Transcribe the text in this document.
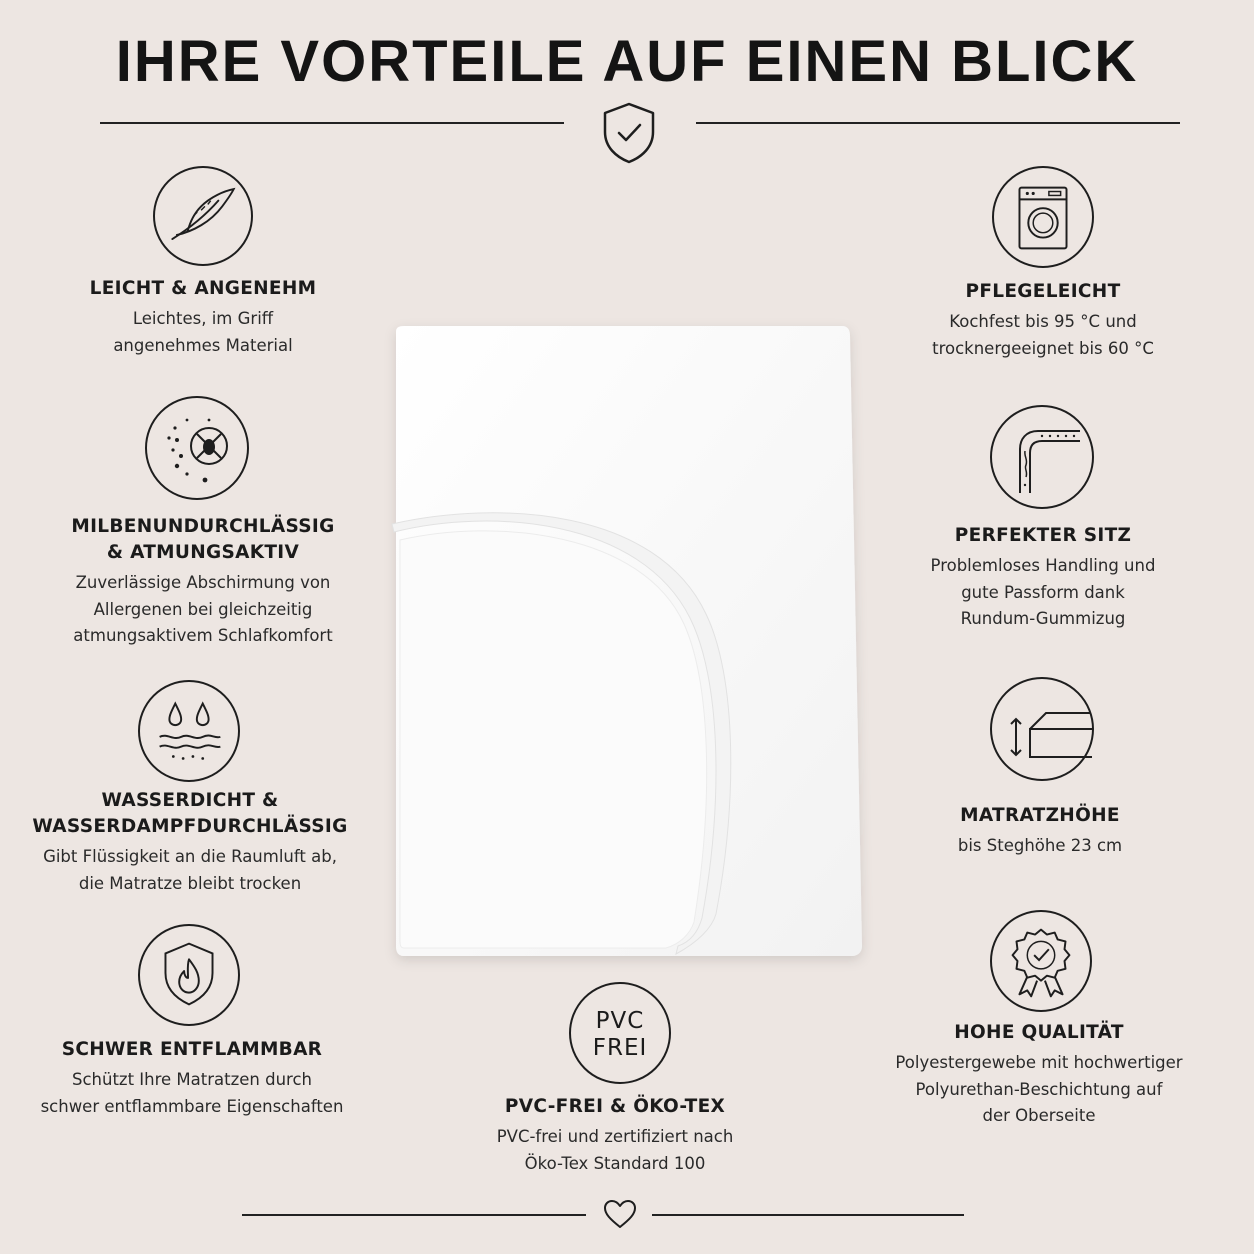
IHRE VORTEILE AUF EINEN BLICK
LEICHT & ANGENEHM
Leichtes, im Griff
angenehmes Material
MILBENUNDURCHLÄSSIG
& ATMUNGSAKTIV
Zuverlässige Abschirmung von
Allergenen bei gleichzeitig
atmungsaktivem Schlafkomfort
WASSERDICHT &
WASSERDAMPFDURCHLÄSSIG
Gibt Flüssigkeit an die Raumluft ab,
die Matratze bleibt trocken
SCHWER ENTFLAMMBAR
Schützt Ihre Matratzen durch
schwer entflammbare Eigenschaften
PFLEGELEICHT
Kochfest bis 95 °C und
trocknergeeignet bis 60 °C
PERFEKTER SITZ
Problemloses Handling und
gute Passform dank
Rundum-Gummizug
MATRATZHÖHE
bis Steghöhe 23 cm
HOHE QUALITÄT
Polyestergewebe mit hochwertiger
Polyurethan-Beschichtung auf
der Oberseite
PVC
FREI
PVC-FREI & ÖKO-TEX
PVC-frei und zertifiziert nach
Öko-Tex Standard 100
